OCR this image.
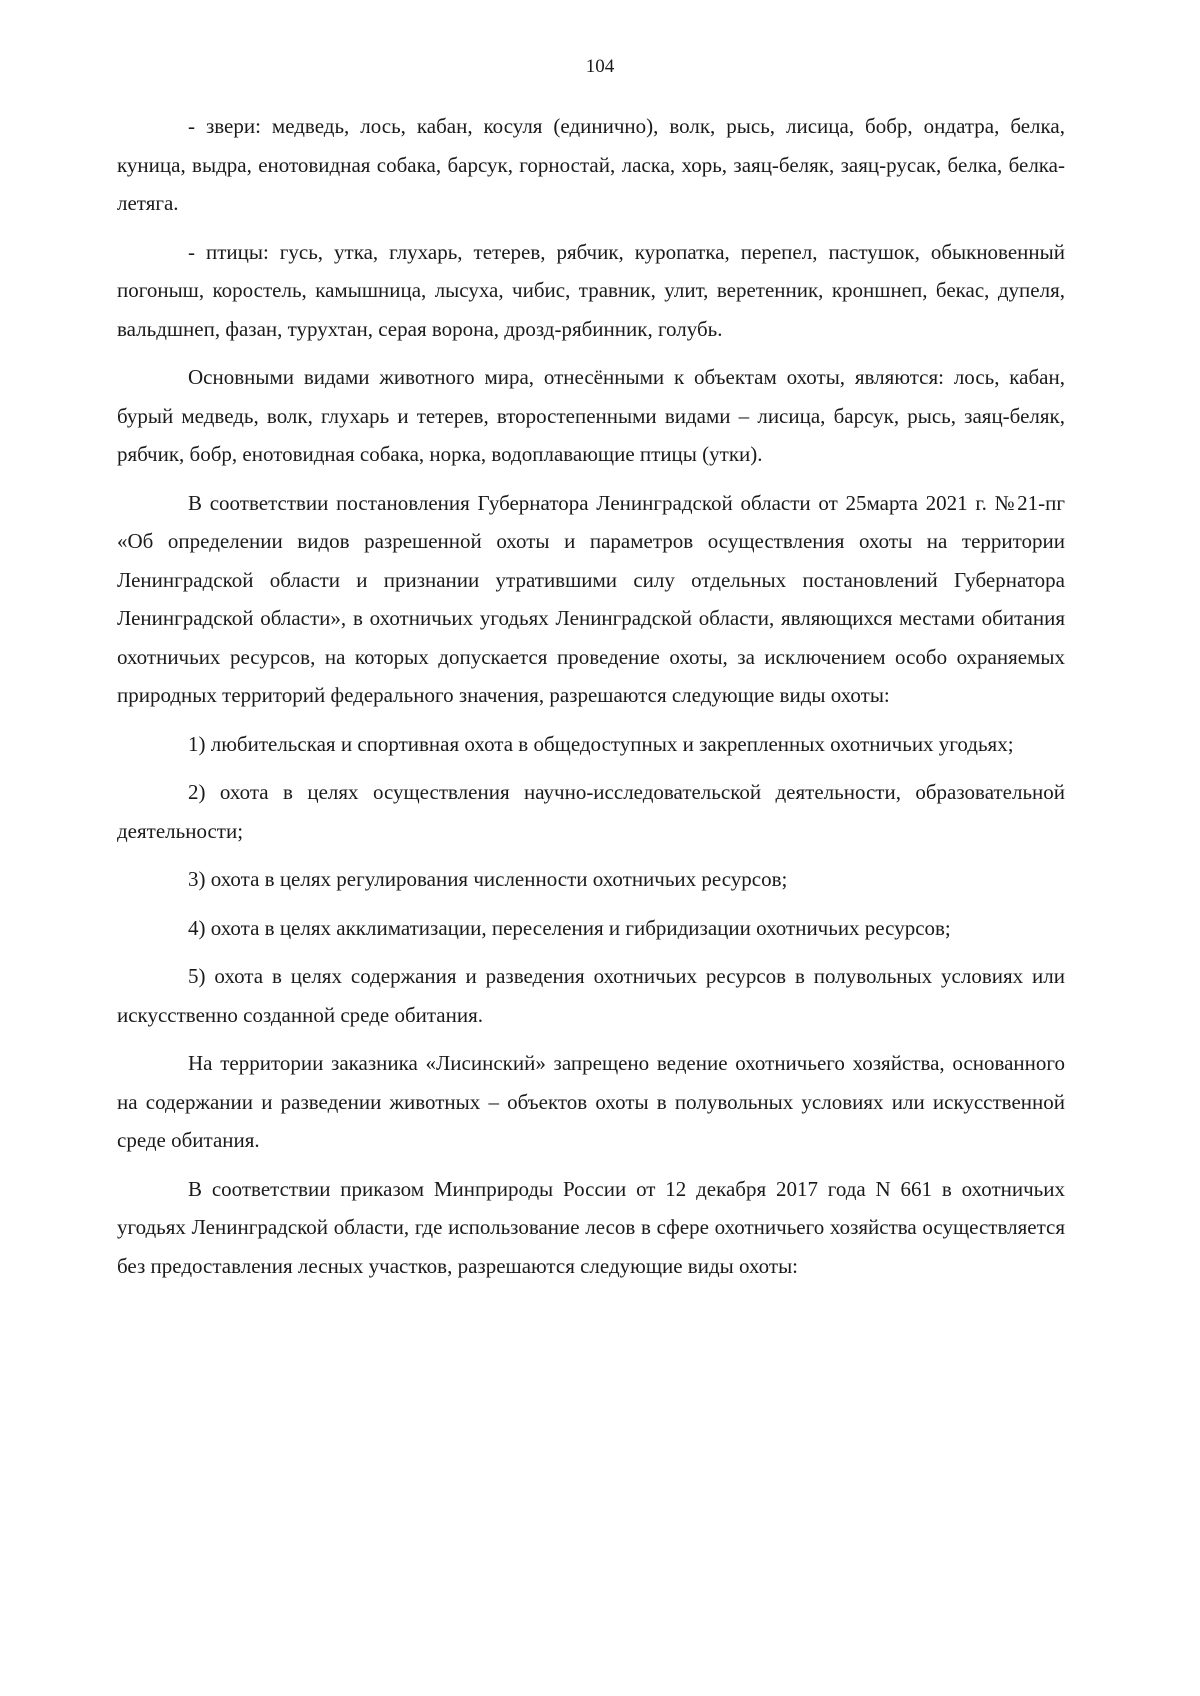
104

- звери: медведь, лось, кабан, косуля (единично), волк, рысь, лисица, бобр, ондатра, белка, куница, выдра, енотовидная собака, барсук, горностай, ласка, хорь, заяц-беляк, заяц-русак, белка, белка-летяга.

- птицы: гусь, утка, глухарь, тетерев, рябчик, куропатка, перепел, пастушок, обыкновенный погоныш, коростель, камышница, лысуха, чибис, травник, улит, веретенник, кроншнеп, бекас, дупеля, вальдшнеп, фазан, турухтан, серая ворона, дрозд-рябинник, голубь.

Основными видами животного мира, отнесёнными к объектам охоты, являются: лось, кабан, бурый медведь, волк, глухарь и тетерев, второстепенными видами – лисица, барсук, рысь, заяц-беляк, рябчик, бобр, енотовидная собака, норка, водоплавающие птицы (утки).

В соответствии постановления Губернатора Ленинградской области от 25марта 2021 г. №21-пг «Об определении видов разрешенной охоты и параметров осуществления охоты на территории Ленинградской области и признании утратившими силу отдельных постановлений Губернатора Ленинградской области», в охотничьих угодьях Ленинградской области, являющихся местами обитания охотничьих ресурсов, на которых допускается проведение охоты, за исключением особо охраняемых природных территорий федерального значения, разрешаются следующие виды охоты:

1) любительская и спортивная охота в общедоступных и закрепленных охотничьих угодьях;

2) охота в целях осуществления научно-исследовательской деятельности, образовательной деятельности;

3) охота в целях регулирования численности охотничьих ресурсов;

4) охота в целях акклиматизации, переселения и гибридизации охотничьих ресурсов;

5) охота в целях содержания и разведения охотничьих ресурсов в полувольных условиях или искусственно созданной среде обитания.

На территории заказника «Лисинский» запрещено ведение охотничьего хозяйства, основанного на содержании и разведении животных – объектов охоты в полувольных условиях или искусственной среде обитания.

В соответствии приказом Минприроды России от 12 декабря 2017 года N 661 в охотничьих угодьях Ленинградской области, где использование лесов в сфере охотничьего хозяйства осуществляется без предоставления лесных участков, разрешаются следующие виды охоты:
